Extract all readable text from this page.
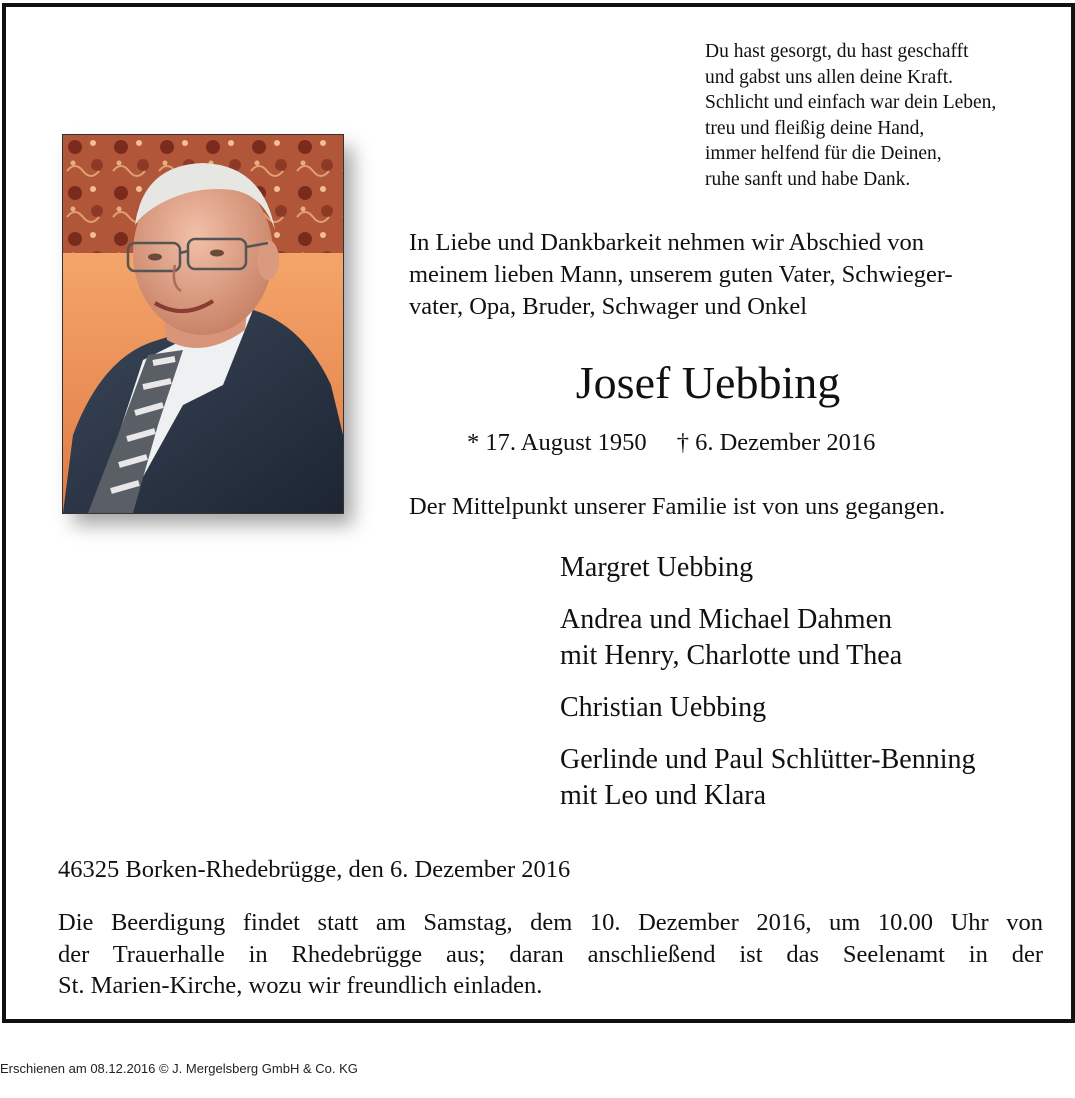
Du hast gesorgt, du hast geschafft
und gabst uns allen deine Kraft.
Schlicht und einfach war dein Leben,
treu und fleißig deine Hand,
immer helfend für die Deinen,
ruhe sanft und habe Dank.
In Liebe und Dankbarkeit nehmen wir Abschied von
meinem lieben Mann, unserem guten Vater, Schwieger-
vater, Opa, Bruder, Schwager und Onkel
Josef Uebbing
* 17. August 1950 † 6. Dezember 2016
Der Mittelpunkt unserer Familie ist von uns gegangen.
Margret Uebbing
Andrea und Michael Dahmen
mit Henry, Charlotte und Thea
Christian Uebbing
Gerlinde und Paul Schlütter-Benning
mit Leo und Klara
46325 Borken-Rhedebrügge, den 6. Dezember 2016
Die Beerdigung findet statt am Samstag, dem 10. Dezember 2016, um 10.00 Uhr von
der Trauerhalle in Rhedebrügge aus; daran anschließend ist das Seelenamt in der
St. Marien-Kirche, wozu wir freundlich einladen.
Erschienen am 08.12.2016 © J. Mergelsberg GmbH & Co. KG
